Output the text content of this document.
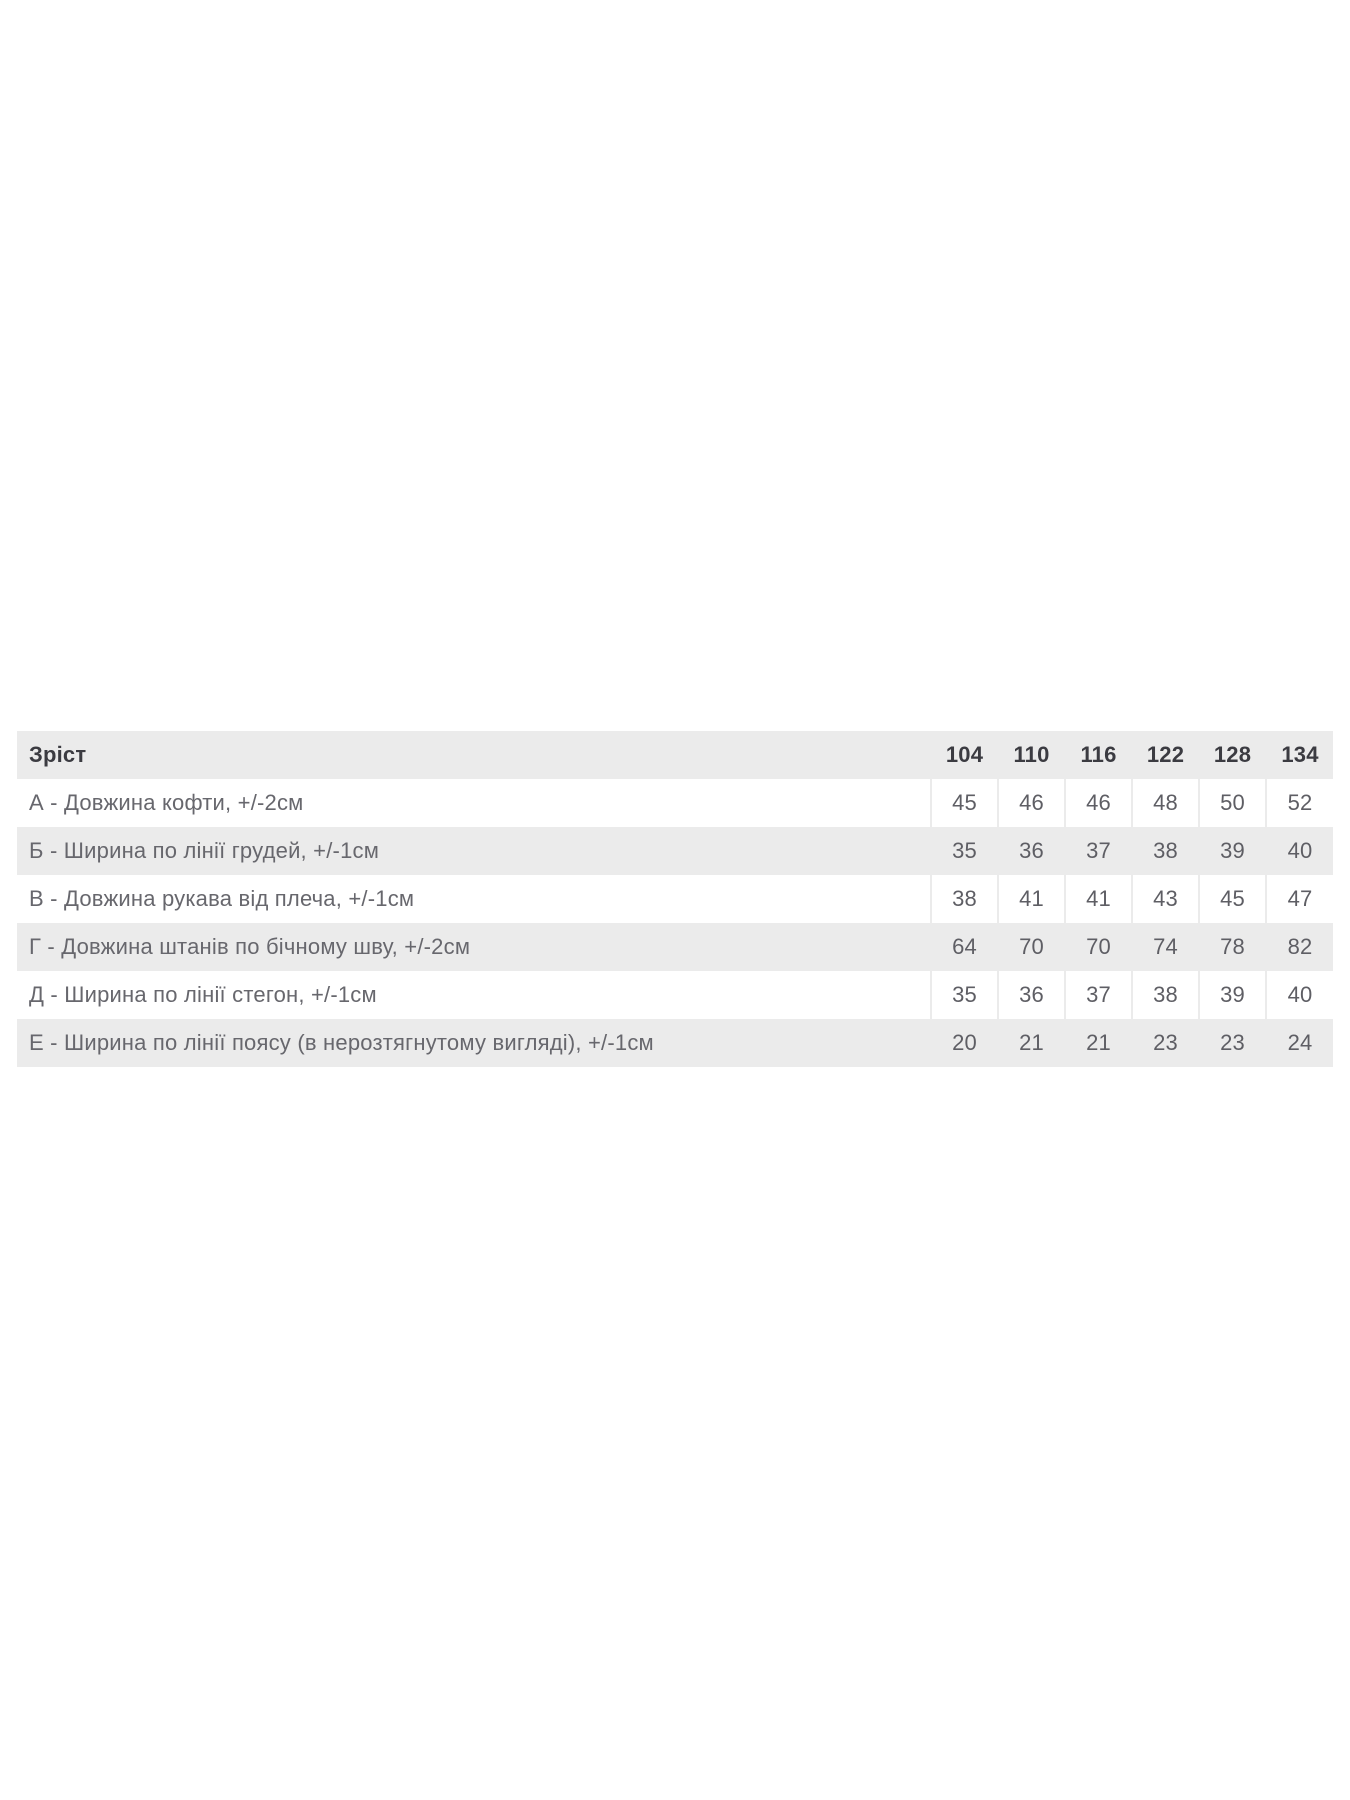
Зріст	104	110	116	122	128	134
А - Довжина кофти, +/-2см	45	46	46	48	50	52
Б - Ширина по лінії грудей, +/-1см	35	36	37	38	39	40
В - Довжина рукава від плеча, +/-1см	38	41	41	43	45	47
Г - Довжина штанів по бічному шву, +/-2см	64	70	70	74	78	82
Д - Ширина по лінії стегон, +/-1см	35	36	37	38	39	40
Е - Ширина по лінії поясу (в нерозтягнутому вигляді), +/-1см	20	21	21	23	23	24
